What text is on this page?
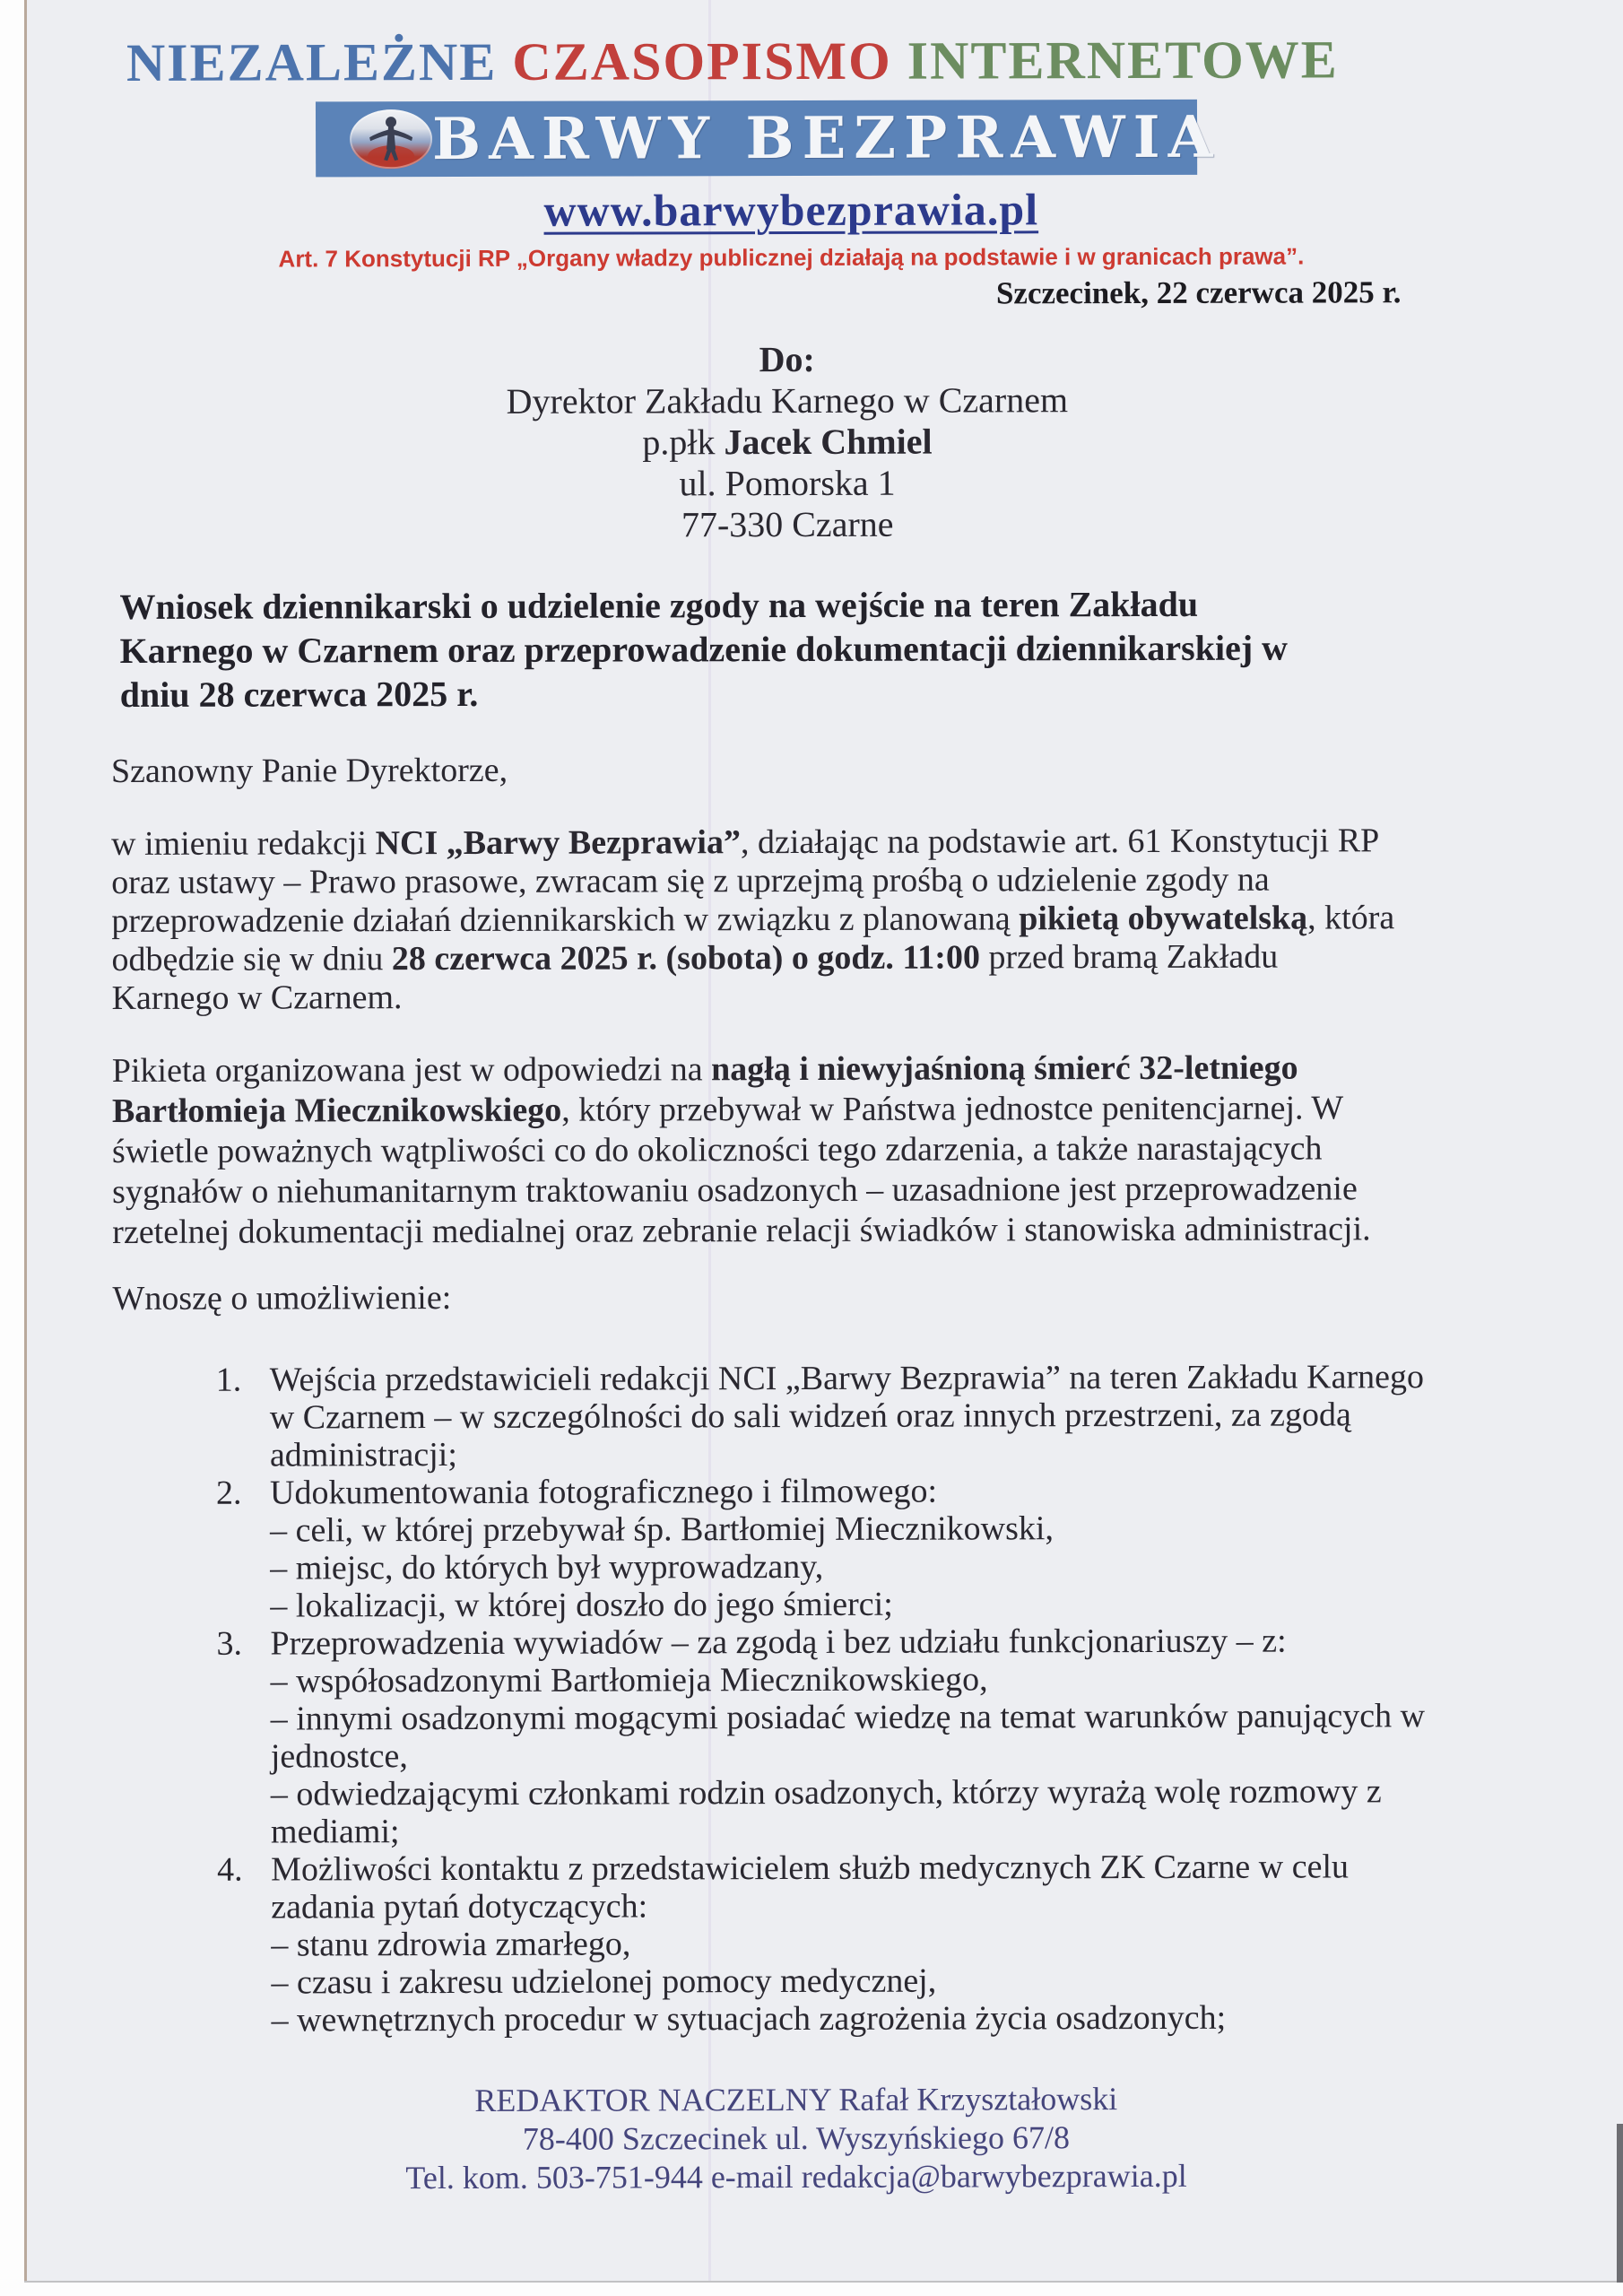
NIEZALEŻNE CZASOPISMO INTERNETOWE
BARWY BEZPRAWIA
www.barwybezprawia.pl
Art. 7 Konstytucji RP „Organy władzy publicznej działają na podstawie i w granicach prawa”.
Szczecinek, 22 czerwca 2025 r.
Do:
Dyrektor Zakładu Karnego w Czarnem
p.płk Jacek Chmiel
ul. Pomorska 1
77-330 Czarne
Wniosek dziennikarski o udzielenie zgody na wejście na teren Zakładu
Karnego w Czarnem oraz przeprowadzenie dokumentacji dziennikarskiej w
dniu 28 czerwca 2025 r.
Szanowny Panie Dyrektorze,
w imieniu redakcji NCI „Barwy Bezprawia”, działając na podstawie art. 61 Konstytucji RP
oraz ustawy – Prawo prasowe, zwracam się z uprzejmą prośbą o udzielenie zgody na
przeprowadzenie działań dziennikarskich w związku z planowaną pikietą obywatelską, która
odbędzie się w dniu 28 czerwca 2025 r. (sobota) o godz. 11:00 przed bramą Zakładu
Karnego w Czarnem.
Pikieta organizowana jest w odpowiedzi na nagłą i niewyjaśnioną śmierć 32-letniego
Bartłomieja Miecznikowskiego, który przebywał w Państwa jednostce penitencjarnej. W
świetle poważnych wątpliwości co do okoliczności tego zdarzenia, a także narastających
sygnałów o niehumanitarnym traktowaniu osadzonych – uzasadnione jest przeprowadzenie
rzetelnej dokumentacji medialnej oraz zebranie relacji świadków i stanowiska administracji.
Wnoszę o umożliwienie:
1. Wejścia przedstawicieli redakcji NCI „Barwy Bezprawia” na teren Zakładu Karnego
w Czarnem – w szczególności do sali widzeń oraz innych przestrzeni, za zgodą
administracji;
2. Udokumentowania fotograficznego i filmowego:
– celi, w której przebywał śp. Bartłomiej Miecznikowski,
– miejsc, do których był wyprowadzany,
– lokalizacji, w której doszło do jego śmierci;
3. Przeprowadzenia wywiadów – za zgodą i bez udziału funkcjonariuszy – z:
– współosadzonymi Bartłomieja Miecznikowskiego,
– innymi osadzonymi mogącymi posiadać wiedzę na temat warunków panujących w
jednostce,
– odwiedzającymi członkami rodzin osadzonych, którzy wyrażą wolę rozmowy z
mediami;
4. Możliwości kontaktu z przedstawicielem służb medycznych ZK Czarne w celu
zadania pytań dotyczących:
– stanu zdrowia zmarłego,
– czasu i zakresu udzielonej pomocy medycznej,
– wewnętrznych procedur w sytuacjach zagrożenia życia osadzonych;
REDAKTOR NACZELNY Rafał Krzyształowski
78-400 Szczecinek ul. Wyszyńskiego 67/8
Tel. kom. 503-751-944 e-mail redakcja@barwybezprawia.pl
